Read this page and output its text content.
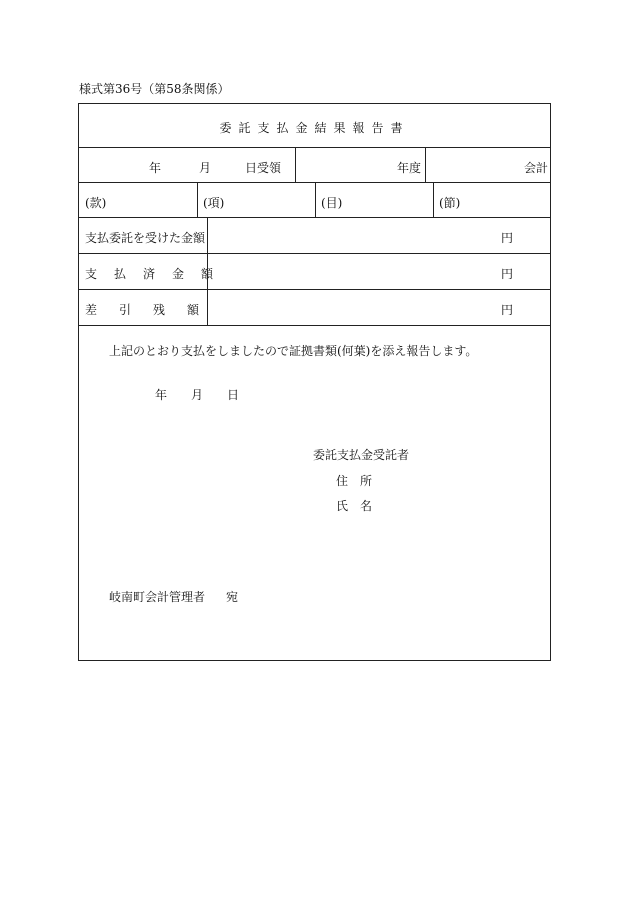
様式第36号（第58条関係）
委託支払金結果報告書
年	月	日受領	年度	会計
(款)	(項)	(目)	(節)
支払委託を受けた金額	円
支払済金額	円
差引残額	円
上記のとおり支払をしましたので証拠書類(何葉)を添え報告します。
年 月 日
委託支払金受託者
住　所
氏　名
岐南町会計管理者 宛
